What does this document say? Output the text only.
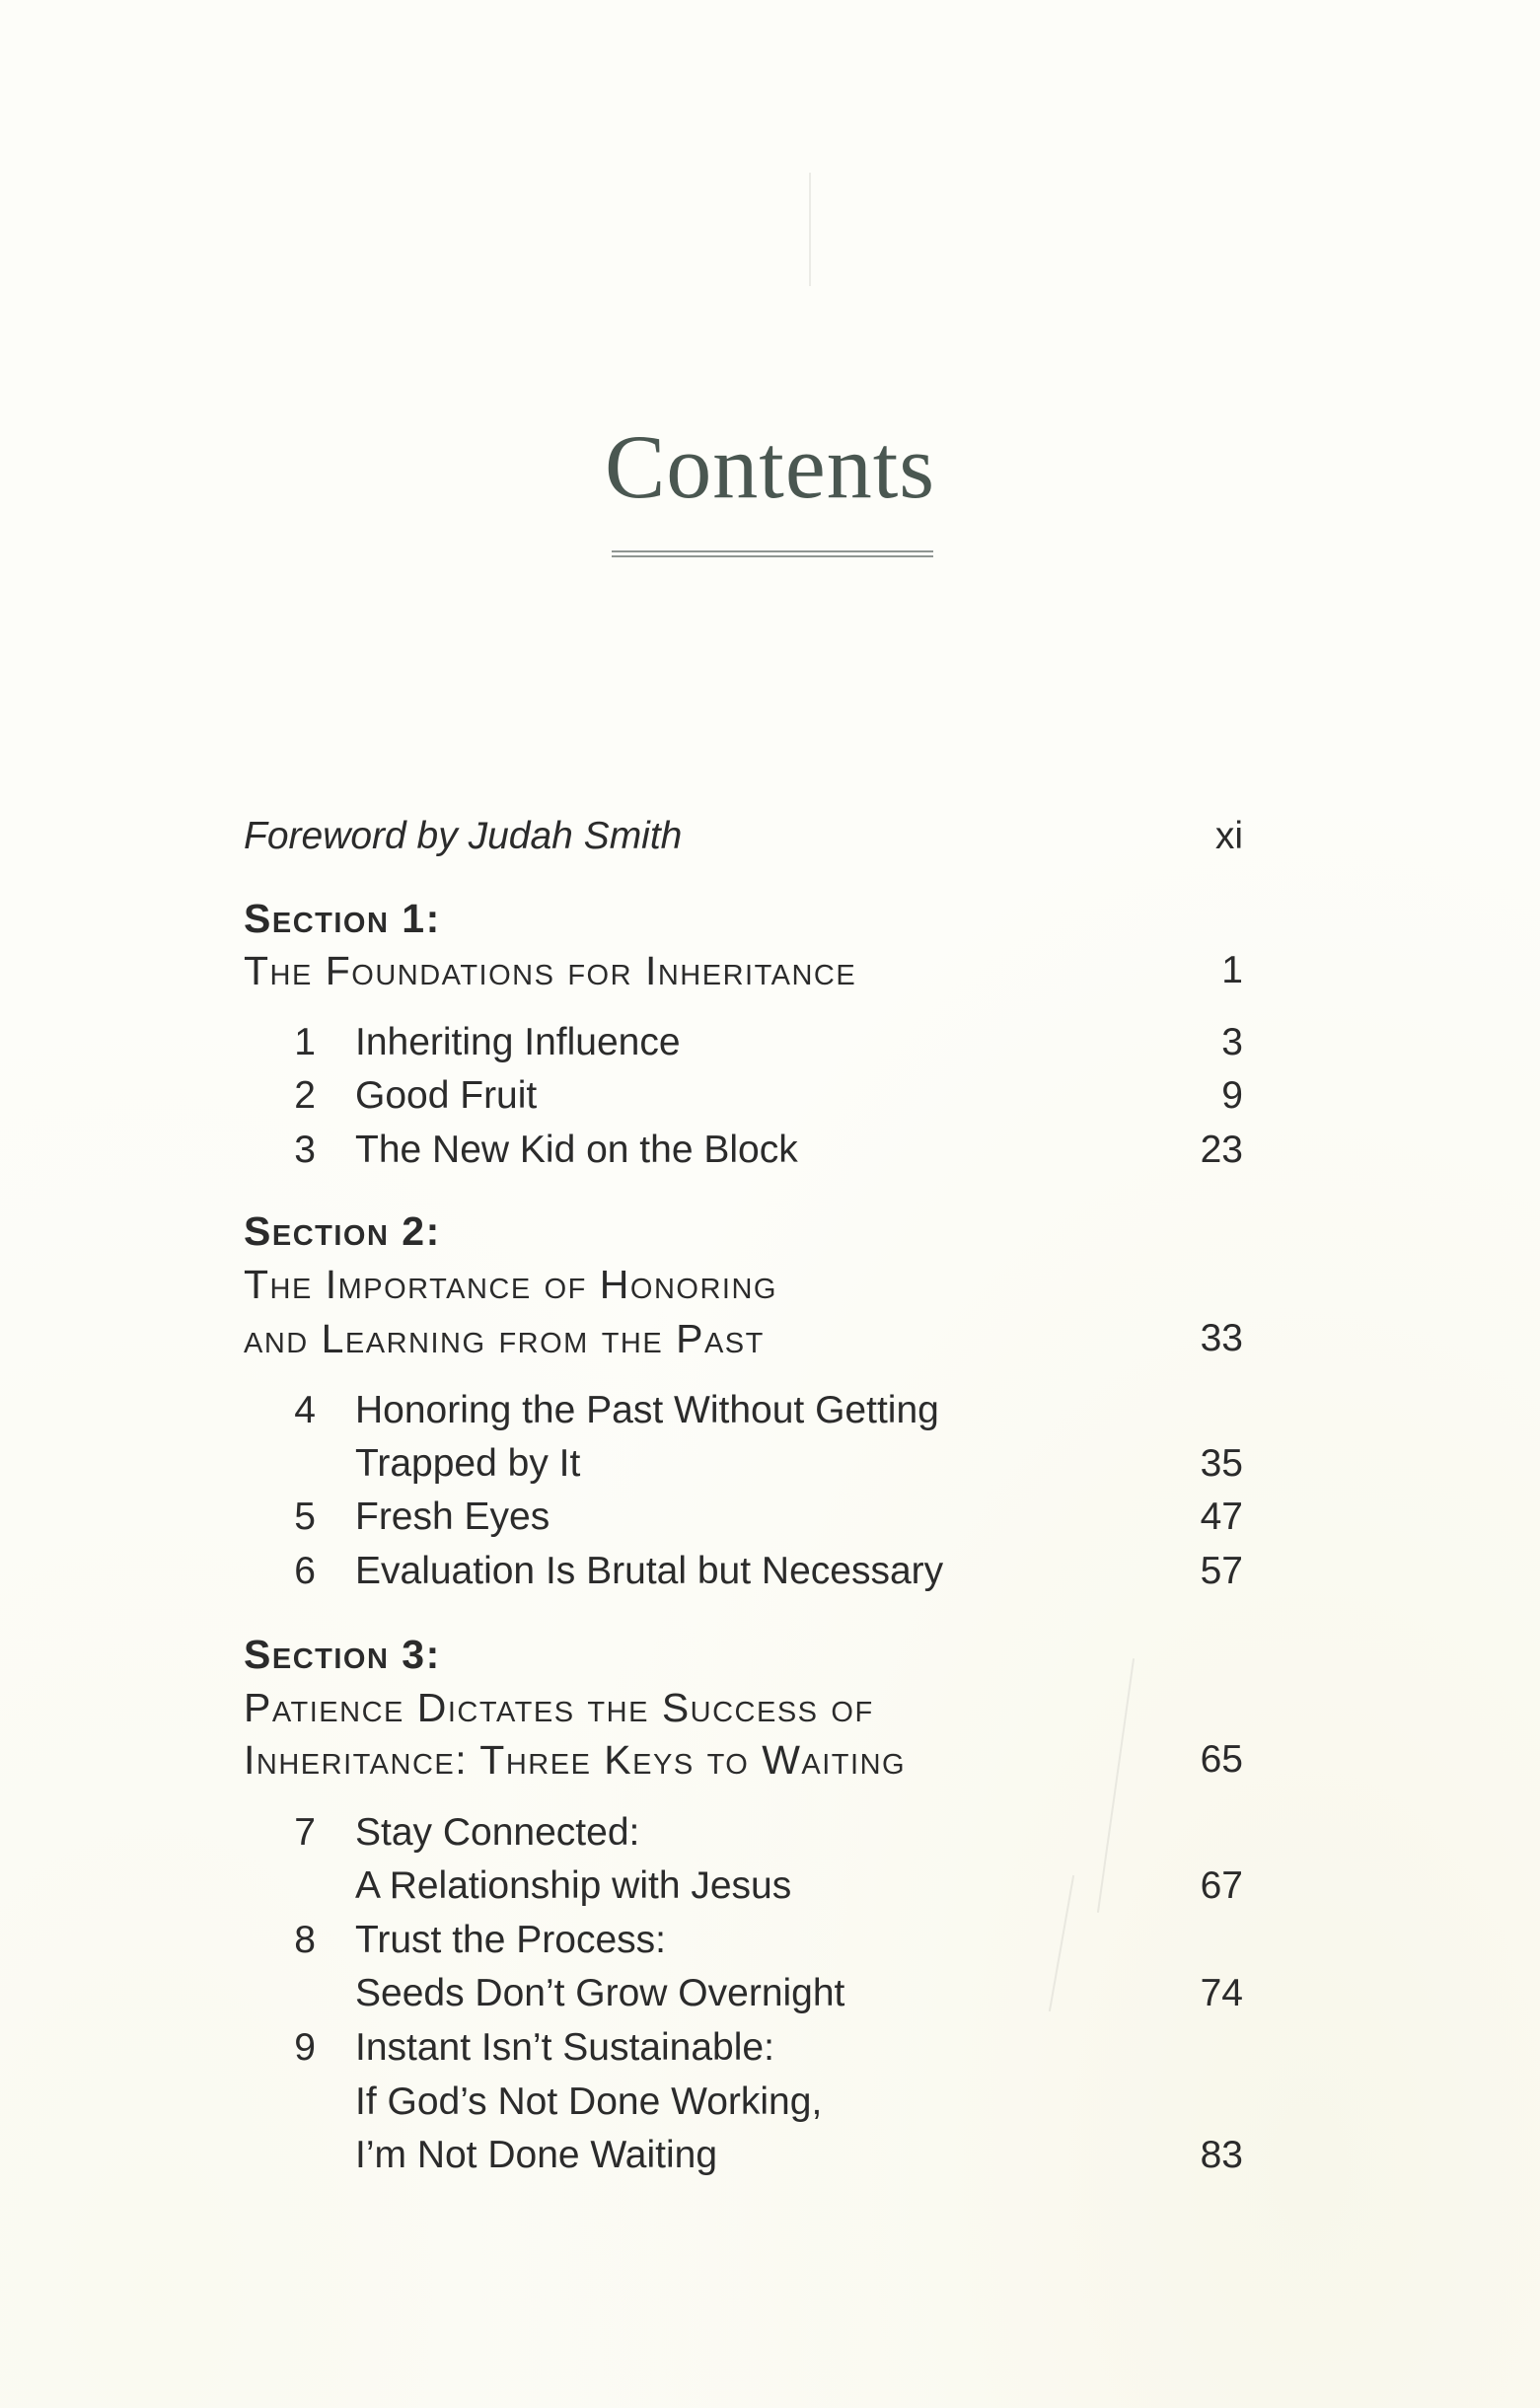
Contents
Foreword by Judah Smith	xi
Section 1:
The Foundations for Inheritance	1
1 Inheriting Influence	3
2 Good Fruit	9
3 The New Kid on the Block	23
Section 2:
The Importance of Honoring
and Learning from the Past	33
4 Honoring the Past Without Getting
Trapped by It	35
5 Fresh Eyes	47
6 Evaluation Is Brutal but Necessary	57
Section 3:
Patience Dictates the Success of
Inheritance: Three Keys to Waiting	65
7 Stay Connected:
A Relationship with Jesus	67
8 Trust the Process:
Seeds Don’t Grow Overnight	74
9 Instant Isn’t Sustainable:
If God’s Not Done Working,
I’m Not Done Waiting	83
